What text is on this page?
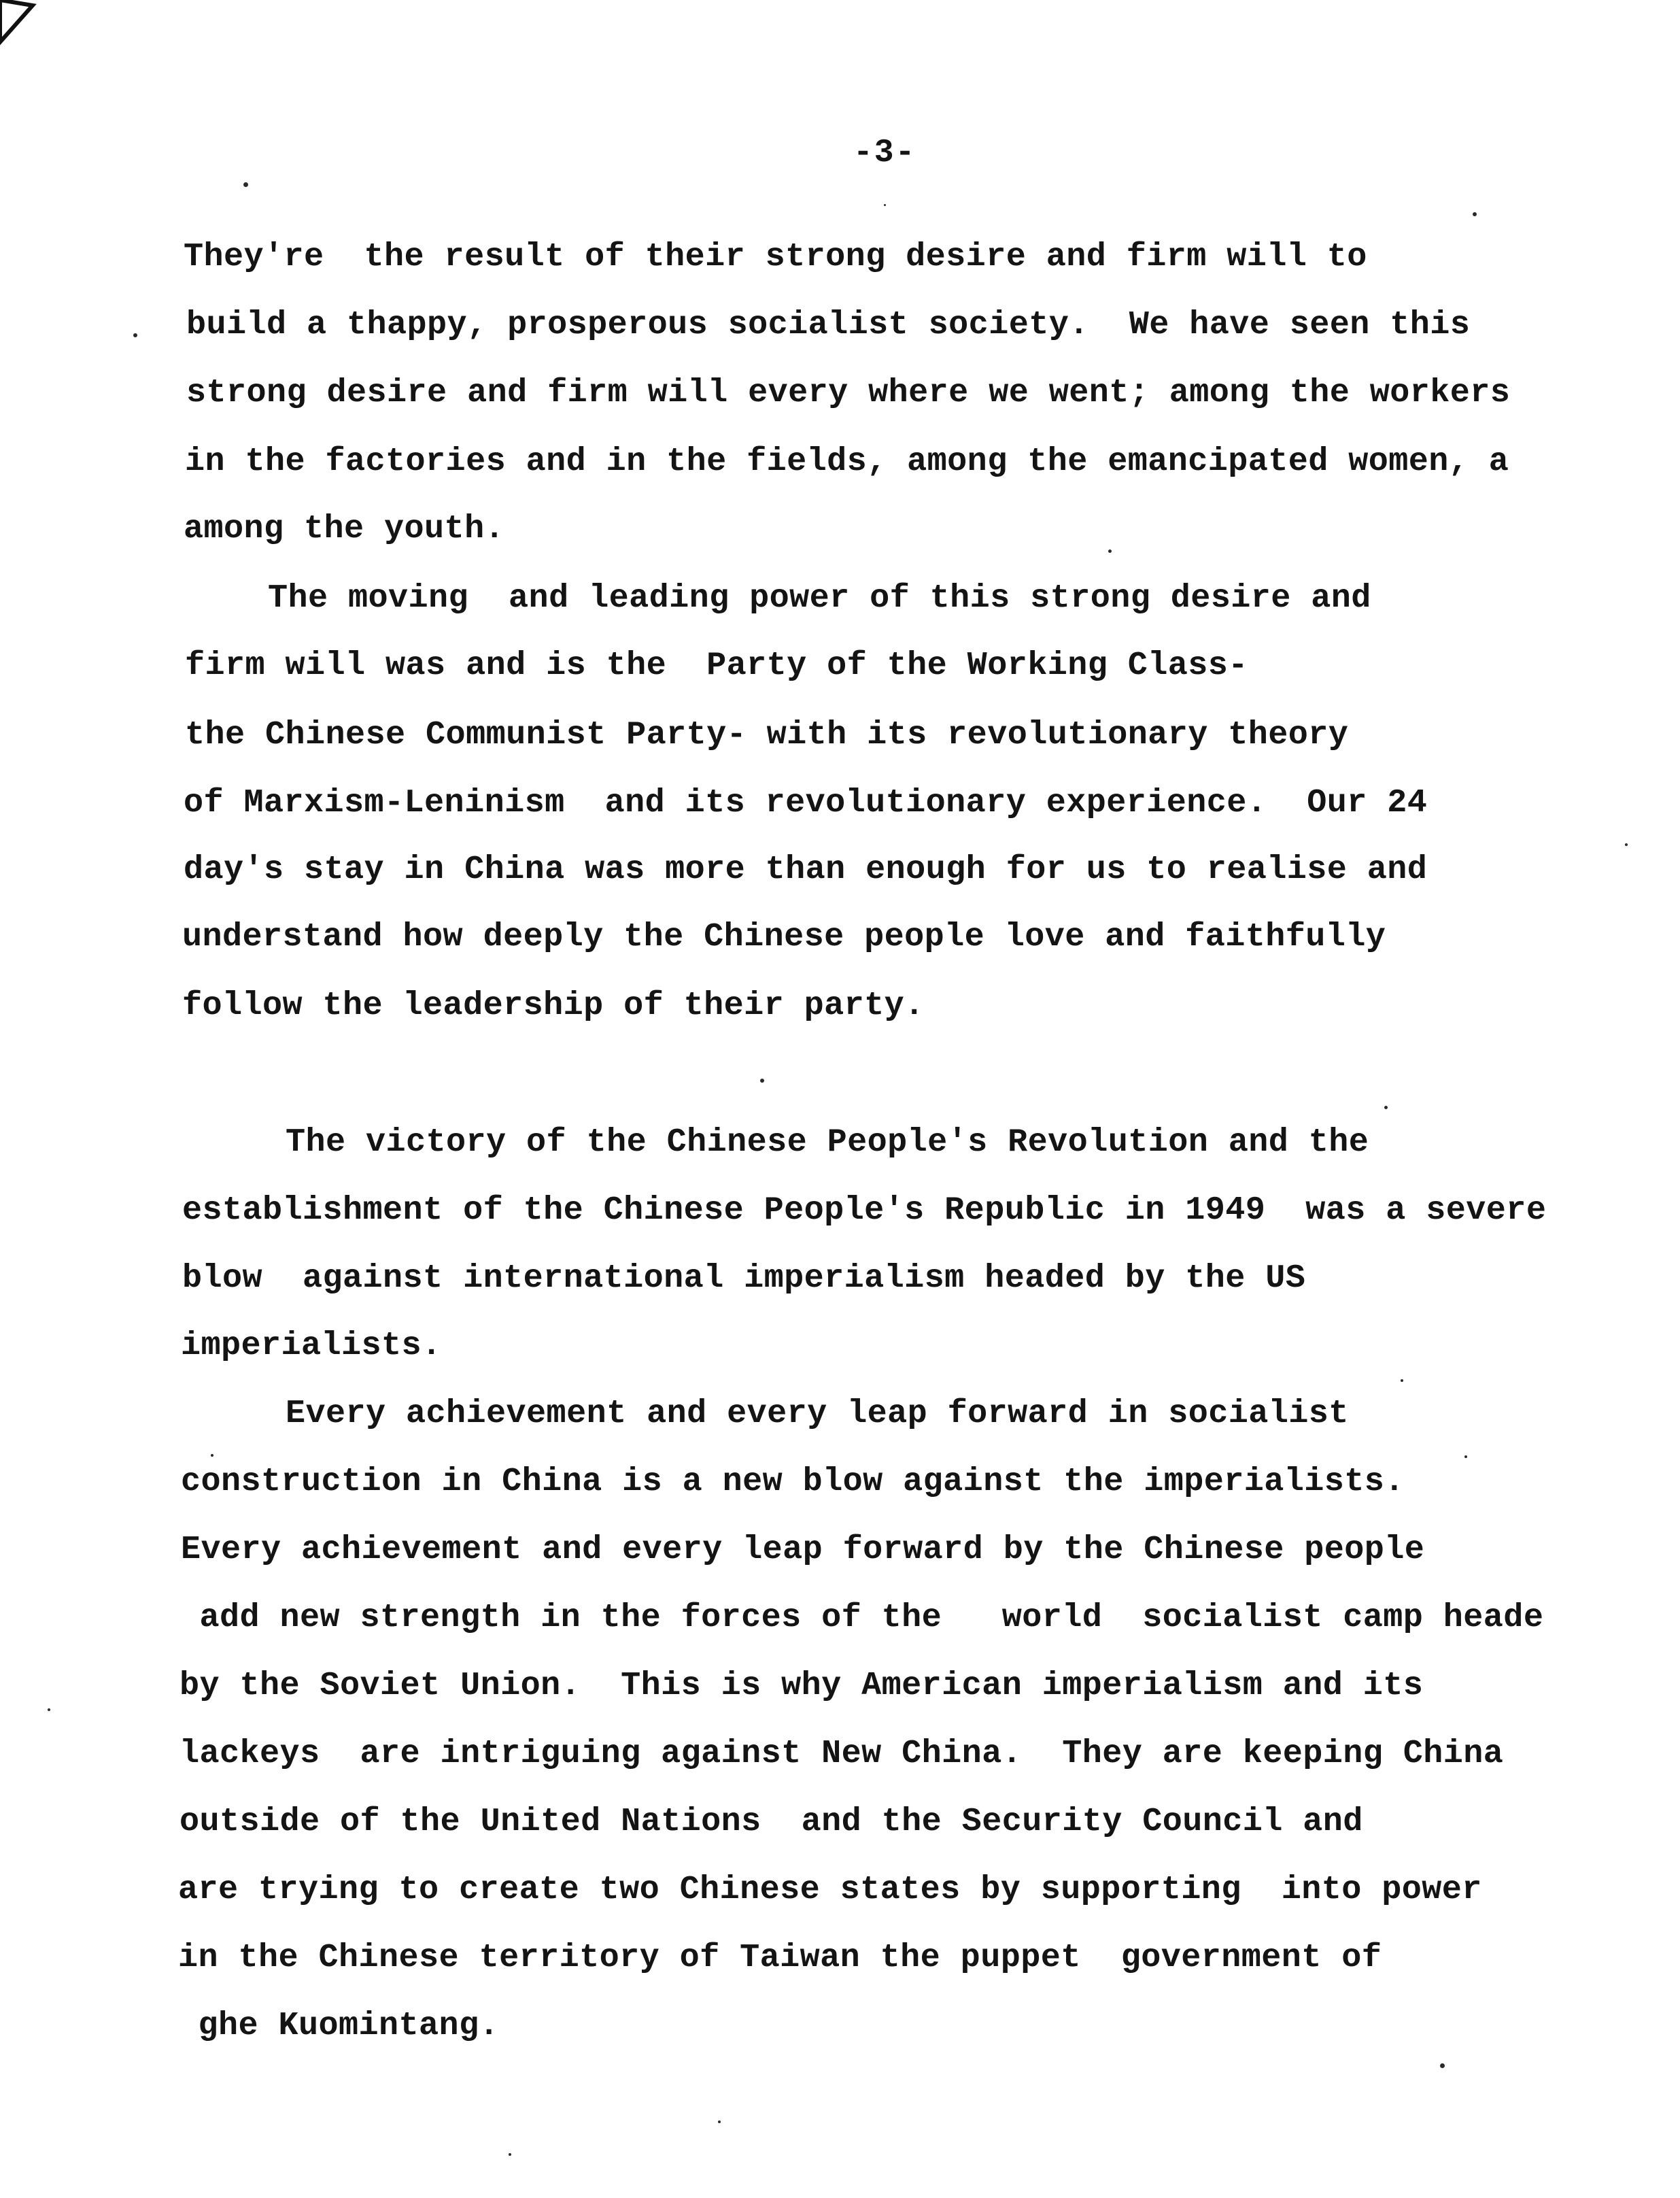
-3-
They're  the result of their strong desire and firm will to
build a thappy, prosperous socialist society.  We have seen this
strong desire and firm will every where we went; among the workers
in the factories and in the fields, among the emancipated women, a
among the youth.
The moving  and leading power of this strong desire and
firm will was and is the  Party of the Working Class-
the Chinese Communist Party- with its revolutionary theory
of Marxism-Leninism  and its revolutionary experience.  Our 24
day's stay in China was more than enough for us to realise and
understand how deeply the Chinese people love and faithfully
follow the leadership of their party.
The victory of the Chinese People's Revolution and the
establishment of the Chinese People's Republic in 1949  was a severe
blow  against international imperialism headed by the US
imperialists.
Every achievement and every leap forward in socialist
construction in China is a new blow against the imperialists.
Every achievement and every leap forward by the Chinese people
add new strength in the forces of the   world  socialist camp heade
by the Soviet Union.  This is why American imperialism and its
lackeys  are intriguing against New China.  They are keeping China
outside of the United Nations  and the Security Council and
are trying to create two Chinese states by supporting  into power
in the Chinese territory of Taiwan the puppet  government of
ghe Kuomintang.
